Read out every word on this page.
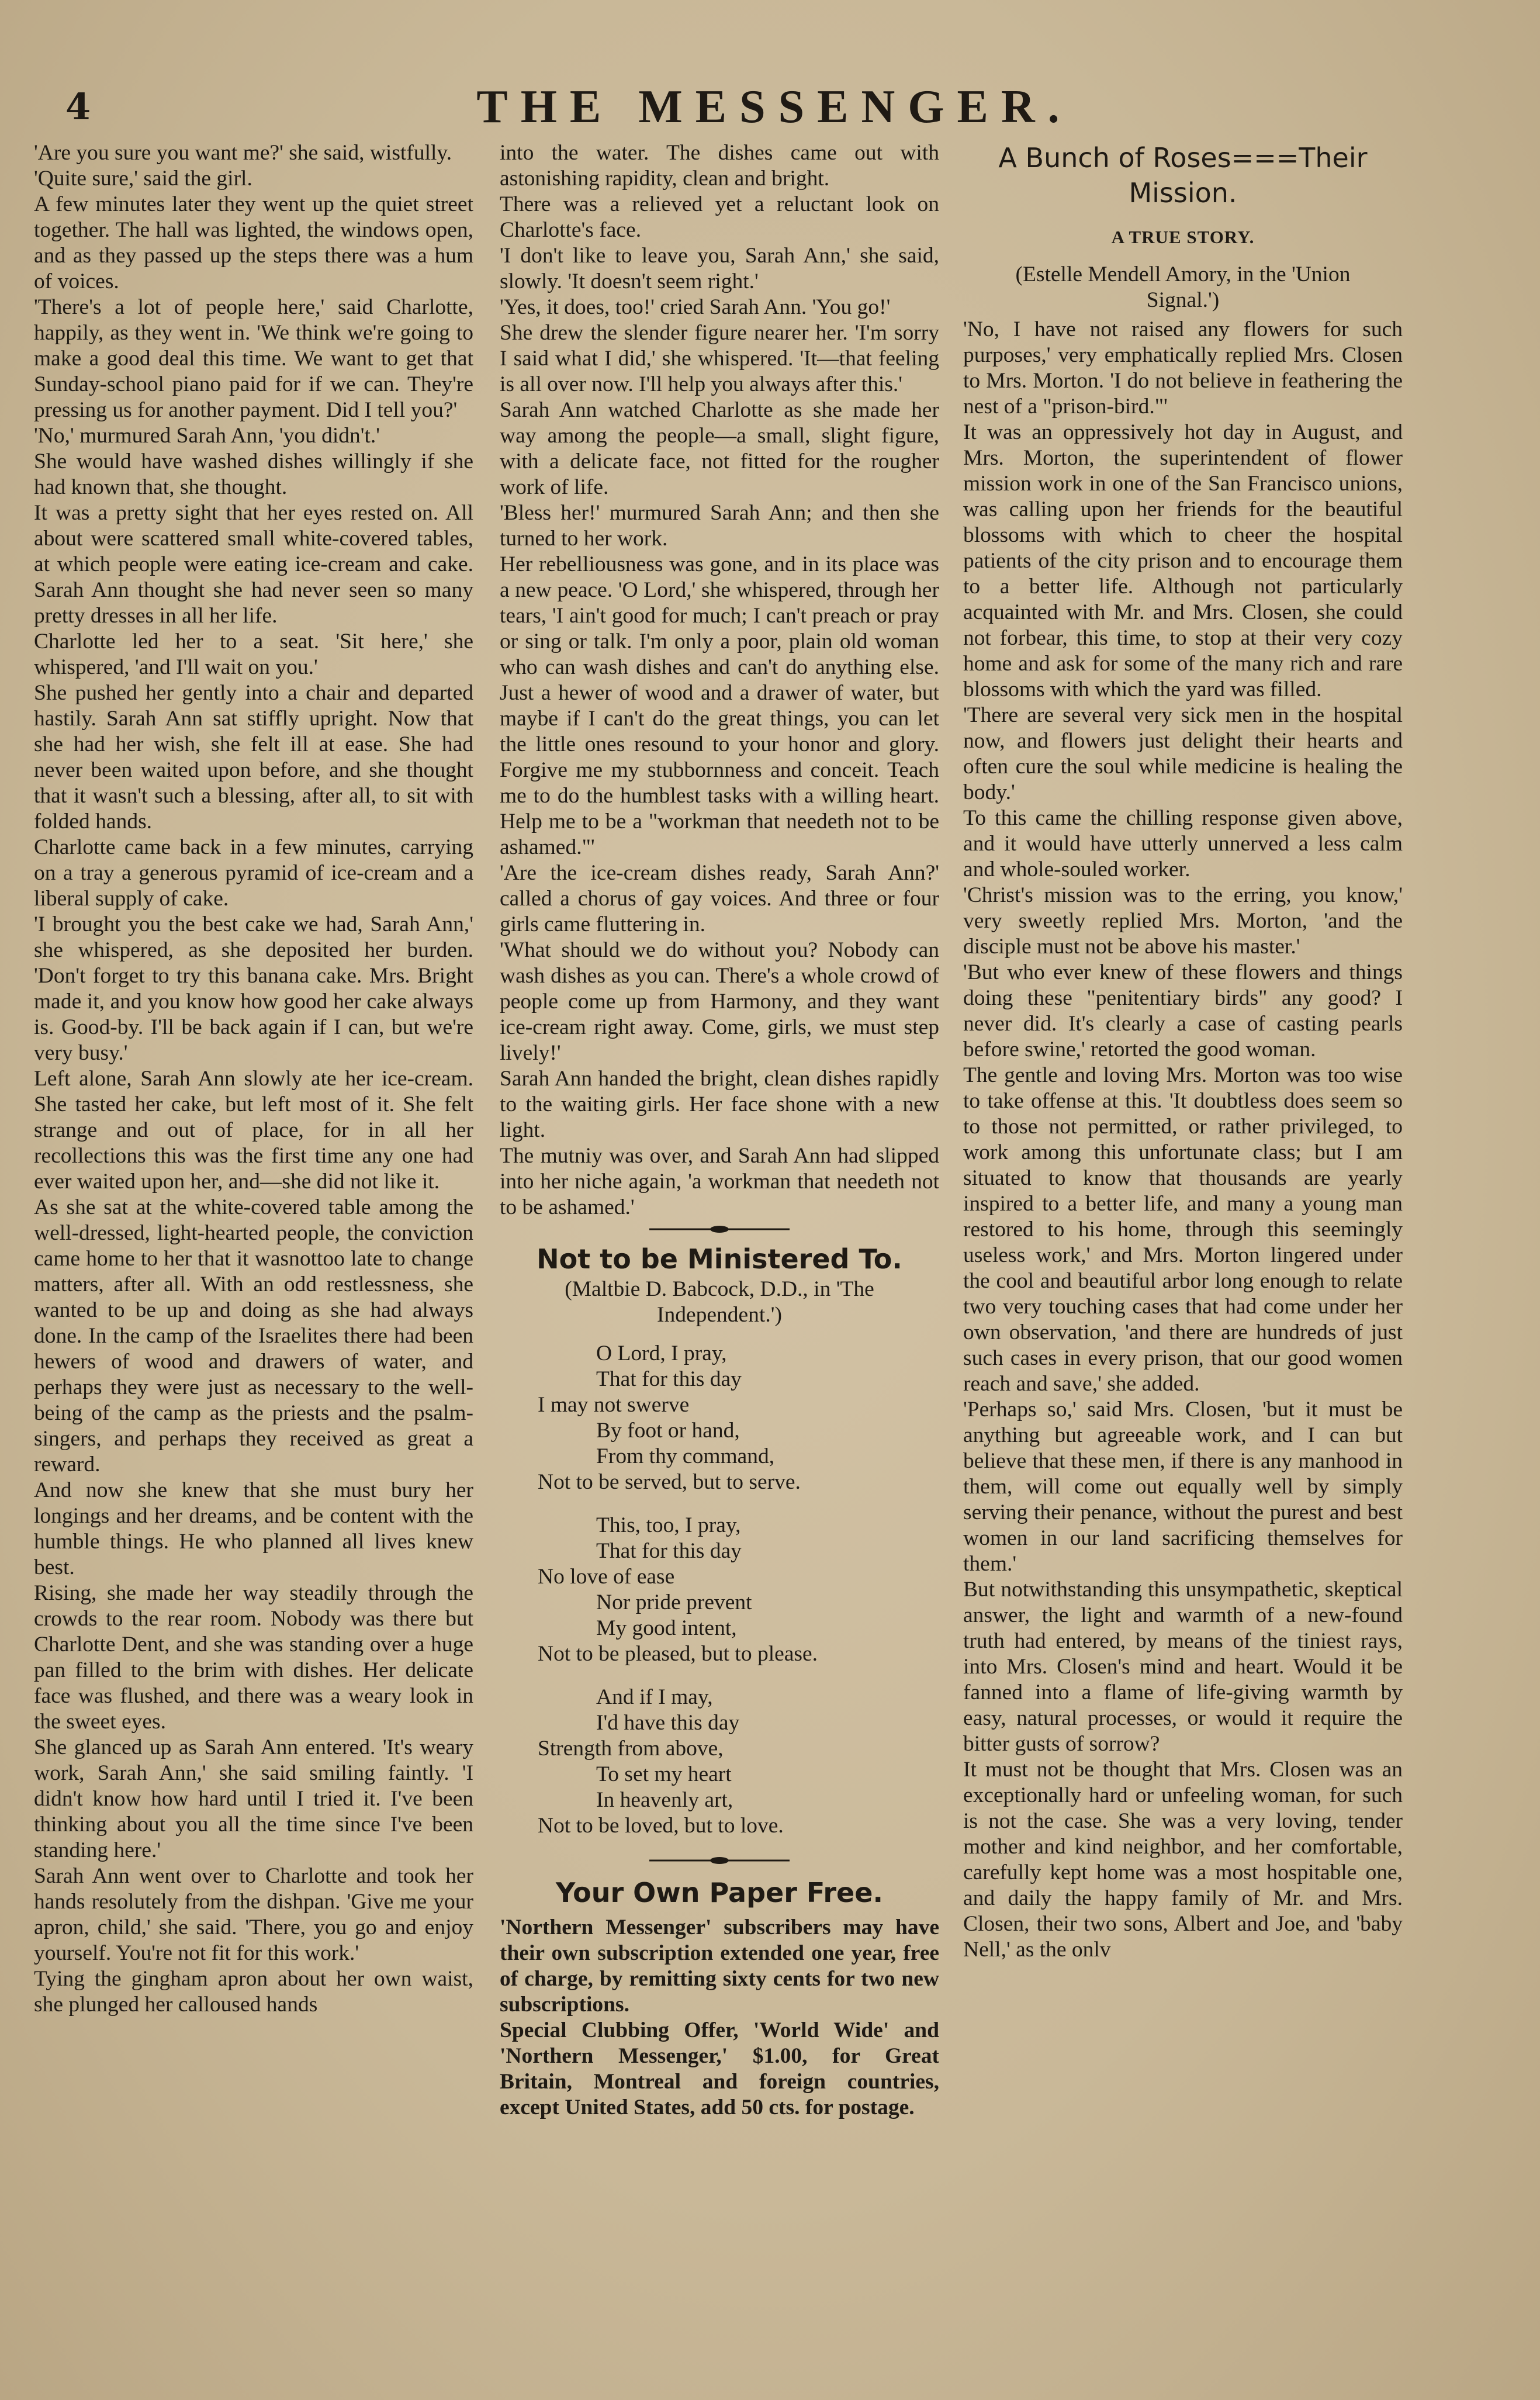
4	THE MESSENGER.

'Are you sure you want me?' she said, wistfully.

'Quite sure,' said the girl.

A few minutes later they went up the quiet street together. The hall was lighted, the windows open, and as they passed up the steps there was a hum of voices.

'There's a lot of people here,' said Charlotte, happily, as they went in. 'We think we're going to make a good deal this time. We want to get that Sunday-school piano paid for if we can. They're pressing us for another payment. Did I tell you?'

'No,' murmured Sarah Ann, 'you didn't.'

She would have washed dishes willingly if she had known that, she thought.

It was a pretty sight that her eyes rested on. All about were scattered small white-covered tables, at which people were eating ice-cream and cake. Sarah Ann thought she had never seen so many pretty dresses in all her life.

Charlotte led her to a seat. 'Sit here,' she whispered, 'and I'll wait on you.'

She pushed her gently into a chair and departed hastily. Sarah Ann sat stiffly upright. Now that she had her wish, she felt ill at ease. She had never been waited upon before, and she thought that it wasn't such a blessing, after all, to sit with folded hands.

Charlotte came back in a few minutes, carrying on a tray a generous pyramid of ice-cream and a liberal supply of cake.

'I brought you the best cake we had, Sarah Ann,' she whispered, as she deposited her burden. 'Don't forget to try this banana cake. Mrs. Bright made it, and you know how good her cake always is. Good-by. I'll be back again if I can, but we're very busy.'

Left alone, Sarah Ann slowly ate her ice-cream. She tasted her cake, but left most of it. She felt strange and out of place, for in all her recollections this was the first time any one had ever waited upon her, and—she did not like it.

As she sat at the white-covered table among the well-dressed, light-hearted people, the conviction came home to her that it wasnottoo late to change matters, after all. With an odd restlessness, she wanted to be up and doing as she had always done. In the camp of the Israelites there had been hewers of wood and drawers of water, and perhaps they were just as necessary to the well-being of the camp as the priests and the psalm-singers, and perhaps they received as great a reward.

And now she knew that she must bury her longings and her dreams, and be content with the humble things. He who planned all lives knew best.

Rising, she made her way steadily through the crowds to the rear room. Nobody was there but Charlotte Dent, and she was standing over a huge pan filled to the brim with dishes. Her delicate face was flushed, and there was a weary look in the sweet eyes.

She glanced up as Sarah Ann entered. 'It's weary work, Sarah Ann,' she said smiling faintly. 'I didn't know how hard until I tried it. I've been thinking about you all the time since I've been standing here.'

Sarah Ann went over to Charlotte and took her hands resolutely from the dishpan. 'Give me your apron, child,' she said. 'There, you go and enjoy yourself. You're not fit for this work.'

Tying the gingham apron about her own waist, she plunged her calloused hands

into the water. The dishes came out with astonishing rapidity, clean and bright.

There was a relieved yet a reluctant look on Charlotte's face.

'I don't like to leave you, Sarah Ann,' she said, slowly. 'It doesn't seem right.'

'Yes, it does, too!' cried Sarah Ann. 'You go!'

She drew the slender figure nearer her. 'I'm sorry I said what I did,' she whispered. 'It—that feeling is all over now. I'll help you always after this.'

Sarah Ann watched Charlotte as she made her way among the people—a small, slight figure, with a delicate face, not fitted for the rougher work of life.

'Bless her!' murmured Sarah Ann; and then she turned to her work.

Her rebelliousness was gone, and in its place was a new peace. 'O Lord,' she whispered, through her tears, 'I ain't good for much; I can't preach or pray or sing or talk. I'm only a poor, plain old woman who can wash dishes and can't do anything else. Just a hewer of wood and a drawer of water, but maybe if I can't do the great things, you can let the little ones resound to your honor and glory. Forgive me my stubbornness and conceit. Teach me to do the humblest tasks with a willing heart. Help me to be a "workman that needeth not to be ashamed."'

'Are the ice-cream dishes ready, Sarah Ann?' called a chorus of gay voices. And three or four girls came fluttering in.

'What should we do without you? Nobody can wash dishes as you can. There's a whole crowd of people come up from Harmony, and they want ice-cream right away. Come, girls, we must step lively!'

Sarah Ann handed the bright, clean dishes rapidly to the waiting girls. Her face shone with a new light.

The mutniy was over, and Sarah Ann had slipped into her niche again, 'a workman that needeth not to be ashamed.'

Not to be Ministered To.

(Maltbie D. Babcock, D.D., in 'The Independent.')

O Lord, I pray,

That for this day

I may not swerve

By foot or hand,

From thy command,

Not to be served, but to serve.

This, too, I pray,

That for this day

No love of ease

Nor pride prevent

My good intent,

Not to be pleased, but to please.

And if I may,

I'd have this day

Strength from above,

To set my heart

In heavenly art,

Not to be loved, but to love.

Your Own Paper Free.

'Northern Messenger' subscribers may have their own subscription extended one year, free of charge, by remitting sixty cents for two new subscriptions.

Special Clubbing Offer, 'World Wide' and 'Northern Messenger,' $1.00, for Great Britain, Montreal and foreign countries, except United States, add 50 cts. for postage.

A Bunch of Roses===Their Mission.

A TRUE STORY.

(Estelle Mendell Amory, in the 'Union Signal.')

'No, I have not raised any flowers for such purposes,' very emphatically replied Mrs. Closen to Mrs. Morton. 'I do not believe in feathering the nest of a "prison-bird."'

It was an oppressively hot day in August, and Mrs. Morton, the superintendent of flower mission work in one of the San Francisco unions, was calling upon her friends for the beautiful blossoms with which to cheer the hospital patients of the city prison and to encourage them to a better life. Although not particularly acquainted with Mr. and Mrs. Closen, she could not forbear, this time, to stop at their very cozy home and ask for some of the many rich and rare blossoms with which the yard was filled.

'There are several very sick men in the hospital now, and flowers just delight their hearts and often cure the soul while medicine is healing the body.'

To this came the chilling response given above, and it would have utterly unnerved a less calm and whole-souled worker.

'Christ's mission was to the erring, you know,' very sweetly replied Mrs. Morton, 'and the disciple must not be above his master.'

'But who ever knew of these flowers and things doing these "penitentiary birds" any good? I never did. It's clearly a case of casting pearls before swine,' retorted the good woman.

The gentle and loving Mrs. Morton was too wise to take offense at this. 'It doubtless does seem so to those not permitted, or rather privileged, to work among this unfortunate class; but I am situated to know that thousands are yearly inspired to a better life, and many a young man restored to his home, through this seemingly useless work,' and Mrs. Morton lingered under the cool and beautiful arbor long enough to relate two very touching cases that had come under her own observation, 'and there are hundreds of just such cases in every prison, that our good women reach and save,' she added.

'Perhaps so,' said Mrs. Closen, 'but it must be anything but agreeable work, and I can but believe that these men, if there is any manhood in them, will come out equally well by simply serving their penance, without the purest and best women in our land sacrificing themselves for them.'

But notwithstanding this unsympathetic, skeptical answer, the light and warmth of a new-found truth had entered, by means of the tiniest rays, into Mrs. Closen's mind and heart. Would it be fanned into a flame of life-giving warmth by easy, natural processes, or would it require the bitter gusts of sorrow?

It must not be thought that Mrs. Closen was an exceptionally hard or unfeeling woman, for such is not the case. She was a very loving, tender mother and kind neighbor, and her comfortable, carefully kept home was a most hospitable one, and daily the happy family of Mr. and Mrs. Closen, their two sons, Albert and Joe, and 'baby Nell,' as the onlv
